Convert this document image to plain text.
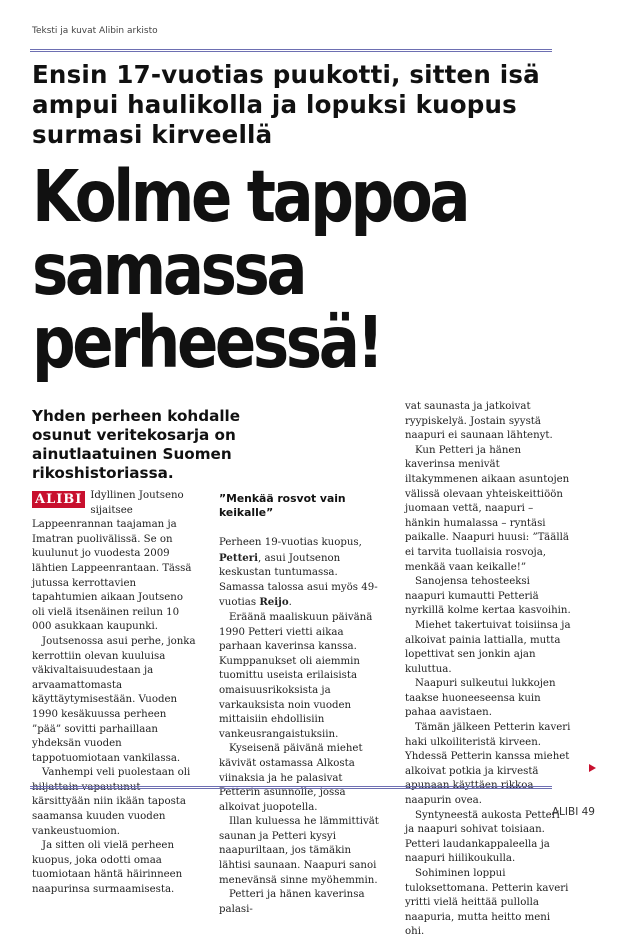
Teksti ja kuvat Alibin arkisto
Ensin 17-vuotias puukotti, sitten isä ampui haulikolla ja lopuksi kuopus surmasi kirveellä
Kolme tappoa
samassa
perheessä!
Yhden perheen kohdalle osunut veritekosarja on ainutlaatuinen Suomen rikoshistoriassa.

ALIBI Idyllinen Joutseno sijaitsee Lappeenrannan taajaman ja Imatran puolivälissä. Se on kuulunut jo vuodesta 2009 lähtien Lappeenrantaan. Tässä jutussa kerrottavien tapahtumien aikaan Joutseno oli vielä itsenäinen reilun 10 000 asukkaan kaupunki.

Joutsenossa asui perhe, jonka kerrottiin olevan kuuluisa väkivaltaisuudestaan ja arvaamattomasta käyttäytymisestään. Vuoden 1990 kesäkuussa perheen ”pää” sovitti parhaillaan yhdeksän vuoden tappotuomiotaan vankilassa.

Vanhempi veli puolestaan oli hiljattain vapautunut kärsittyään niin ikään taposta saamansa kuuden vuoden vankeustuomion.

Ja sitten oli vielä perheen kuopus, joka odotti omaa tuomiotaan häntä häirinneen naapurinsa surmaamisesta.

”Menkää rosvot vain keikalle”

Perheen 19-vuotias kuopus, Petteri, asui Joutsenon keskustan tuntumassa. Samassa talossa asui myös 49-vuotias Reijo.

Eräänä maaliskuun päivänä 1990 Petteri vietti aikaa parhaan kaverinsa kanssa. Kumppanukset oli aiemmin tuomittu useista erilaisista omaisuusrikoksista ja varkauksista noin vuoden mittaisiin ehdollisiin vankeusrangaistuksiin.

Kyseisenä päivänä miehet kävivät ostamassa Alkosta viinaksia ja he palasivat Petterin asunnolle, jossa alkoivat juopotella.

Illan kuluessa he lämmittivät saunan ja Petteri kysyi naapuriltaan, jos tämäkin lähtisi saunaan. Naapuri sanoi menevänsä sinne myöhemmin.

Petteri ja hänen kaverinsa palasi-

vat saunasta ja jatkoivat ryypiskelyä. Jostain syystä naapuri ei saunaan lähtenyt.

Kun Petteri ja hänen kaverinsa menivät iltakymmenen aikaan asuntojen välissä olevaan yhteiskeittiöön juomaan vettä, naapuri – hänkin humalassa – ryntäsi paikalle. Naapuri huusi: ”Täällä ei tarvita tuollaisia rosvoja, menkää vaan keikalle!”

Sanojensa tehosteeksi naapuri kumautti Petteriä nyrkillä kolme kertaa kasvoihin.

Miehet takertuivat toisiinsa ja alkoivat painia lattialla, mutta lopettivat sen jonkin ajan kuluttua.

Naapuri sulkeutui lukkojen taakse huoneeseensa kuin pahaa aavistaen.

Tämän jälkeen Petterin kaveri haki ulkoiliteristä kirveen. Yhdessä Petterin kanssa miehet alkoivat potkia ja kirvestä apunaan käyttäen rikkoa naapurin ovea.

Syntyneestä aukosta Petteri ja naapuri sohivat toisiaan. Petteri laudankappaleella ja naapuri hiilikoukulla.

Sohiminen loppui tuloksettomana. Petterin kaveri yritti vielä heittää pullolla naapuria, mutta heitto meni ohi.

ALIBI 49
